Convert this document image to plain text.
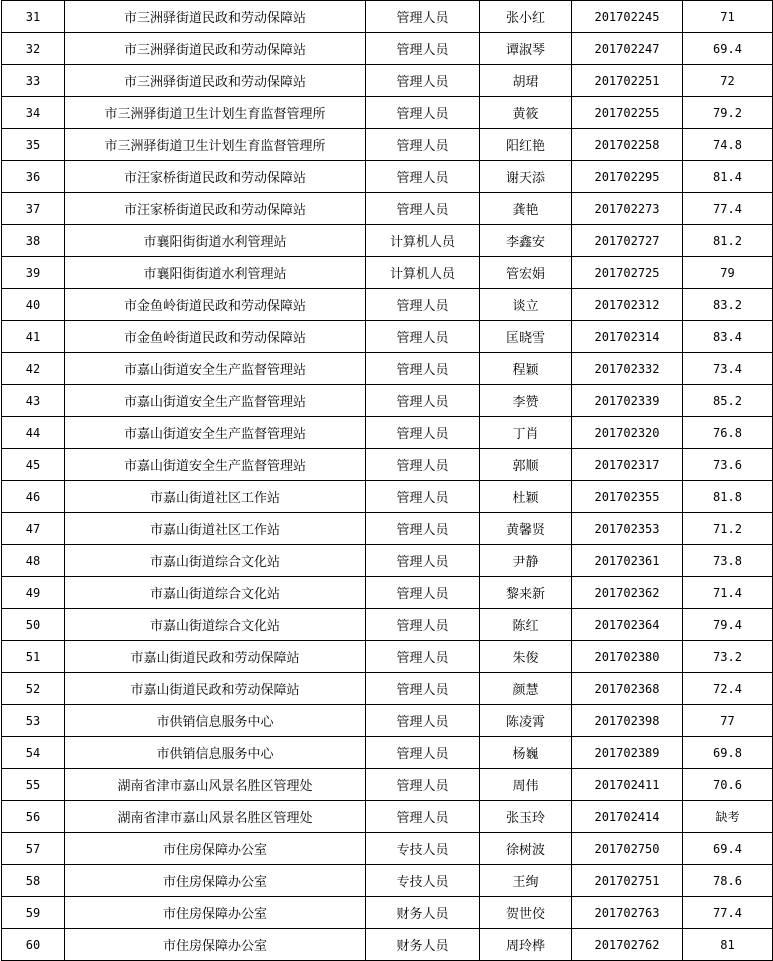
31	市三洲驿街道民政和劳动保障站	管理人员	张小红	201702245	71
32	市三洲驿街道民政和劳动保障站	管理人员	谭淑琴	201702247	69.4
33	市三洲驿街道民政和劳动保障站	管理人员	胡珺	201702251	72
34	市三洲驿街道卫生计划生育监督管理所	管理人员	黄筱	201702255	79.2
35	市三洲驿街道卫生计划生育监督管理所	管理人员	阳红艳	201702258	74.8
36	市汪家桥街道民政和劳动保障站	管理人员	谢天添	201702295	81.4
37	市汪家桥街道民政和劳动保障站	管理人员	龚艳	201702273	77.4
38	市襄阳街街道水利管理站	计算机人员	李鑫安	201702727	81.2
39	市襄阳街街道水利管理站	计算机人员	管宏娟	201702725	79
40	市金鱼岭街道民政和劳动保障站	管理人员	谈立	201702312	83.2
41	市金鱼岭街道民政和劳动保障站	管理人员	匡晓雪	201702314	83.4
42	市嘉山街道安全生产监督管理站	管理人员	程颖	201702332	73.4
43	市嘉山街道安全生产监督管理站	管理人员	李赞	201702339	85.2
44	市嘉山街道安全生产监督管理站	管理人员	丁肖	201702320	76.8
45	市嘉山街道安全生产监督管理站	管理人员	郭顺	201702317	73.6
46	市嘉山街道社区工作站	管理人员	杜颖	201702355	81.8
47	市嘉山街道社区工作站	管理人员	黄馨贤	201702353	71.2
48	市嘉山街道综合文化站	管理人员	尹静	201702361	73.8
49	市嘉山街道综合文化站	管理人员	黎来新	201702362	71.4
50	市嘉山街道综合文化站	管理人员	陈红	201702364	79.4
51	市嘉山街道民政和劳动保障站	管理人员	朱俊	201702380	73.2
52	市嘉山街道民政和劳动保障站	管理人员	颜慧	201702368	72.4
53	市供销信息服务中心	管理人员	陈凌霄	201702398	77
54	市供销信息服务中心	管理人员	杨巍	201702389	69.8
55	湖南省津市嘉山风景名胜区管理处	管理人员	周伟	201702411	70.6
56	湖南省津市嘉山风景名胜区管理处	管理人员	张玉玲	201702414	缺考
57	市住房保障办公室	专技人员	徐树波	201702750	69.4
58	市住房保障办公室	专技人员	王绚	201702751	78.6
59	市住房保障办公室	财务人员	贺世佼	201702763	77.4
60	市住房保障办公室	财务人员	周玲桦	201702762	81
